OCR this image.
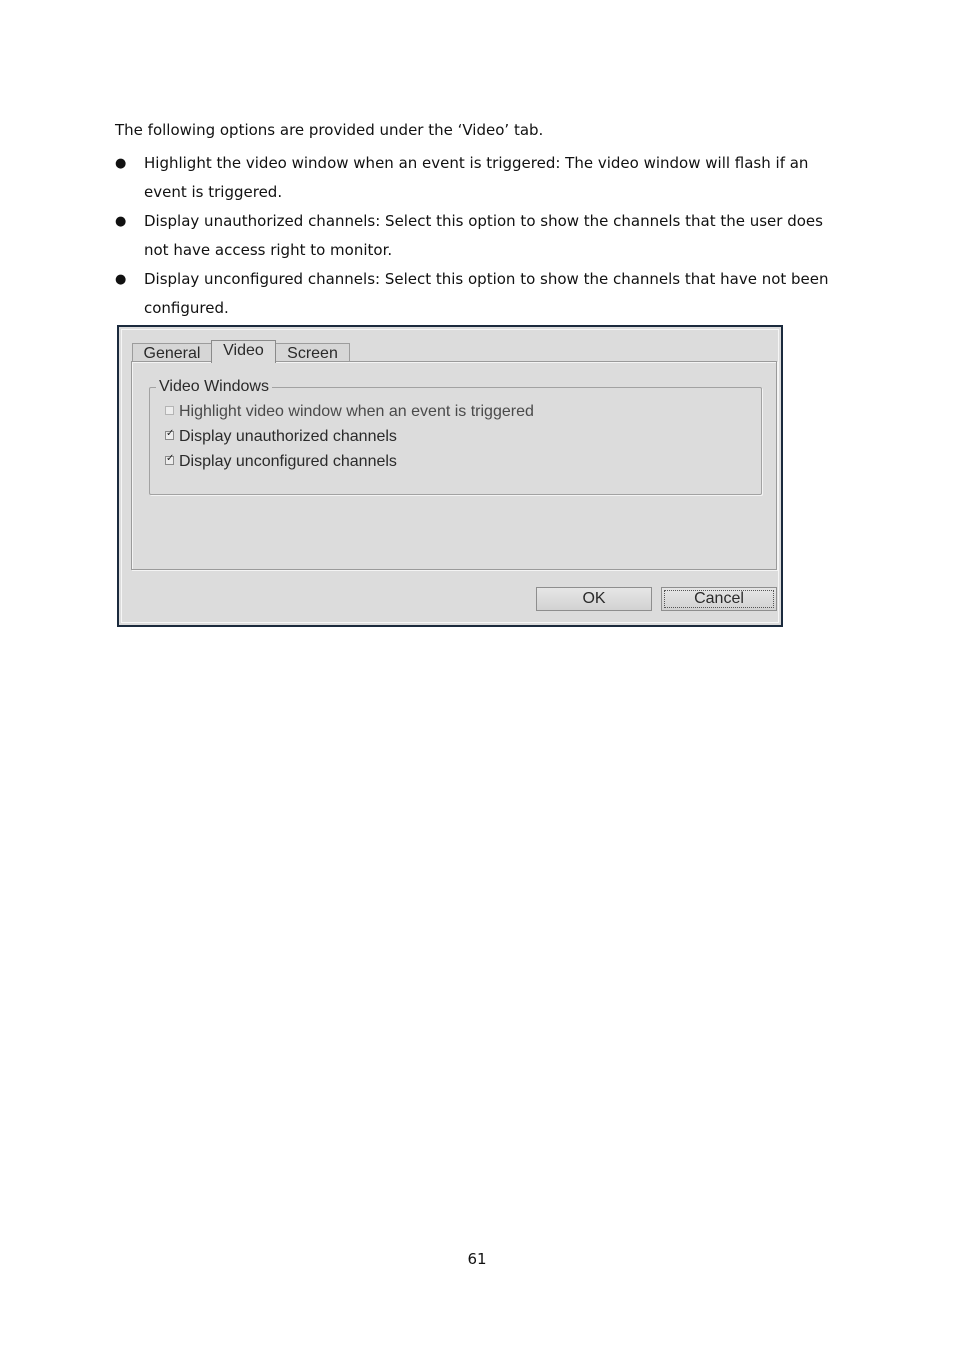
The following options are provided under the ‘Video’ tab.

● Highlight the video window when an event is triggered: The video window will flash if an event is triggered.
● Display unauthorized channels: Select this option to show the channels that the user does not have access right to monitor.
● Display unconfigured channels: Select this option to show the channels that have not been configured.
General	Video	Screen
Video Windows
Highlight video window when an event is triggered
✓ Display unauthorized channels
✓ Display unconfigured channels
OK	Cancel
61
